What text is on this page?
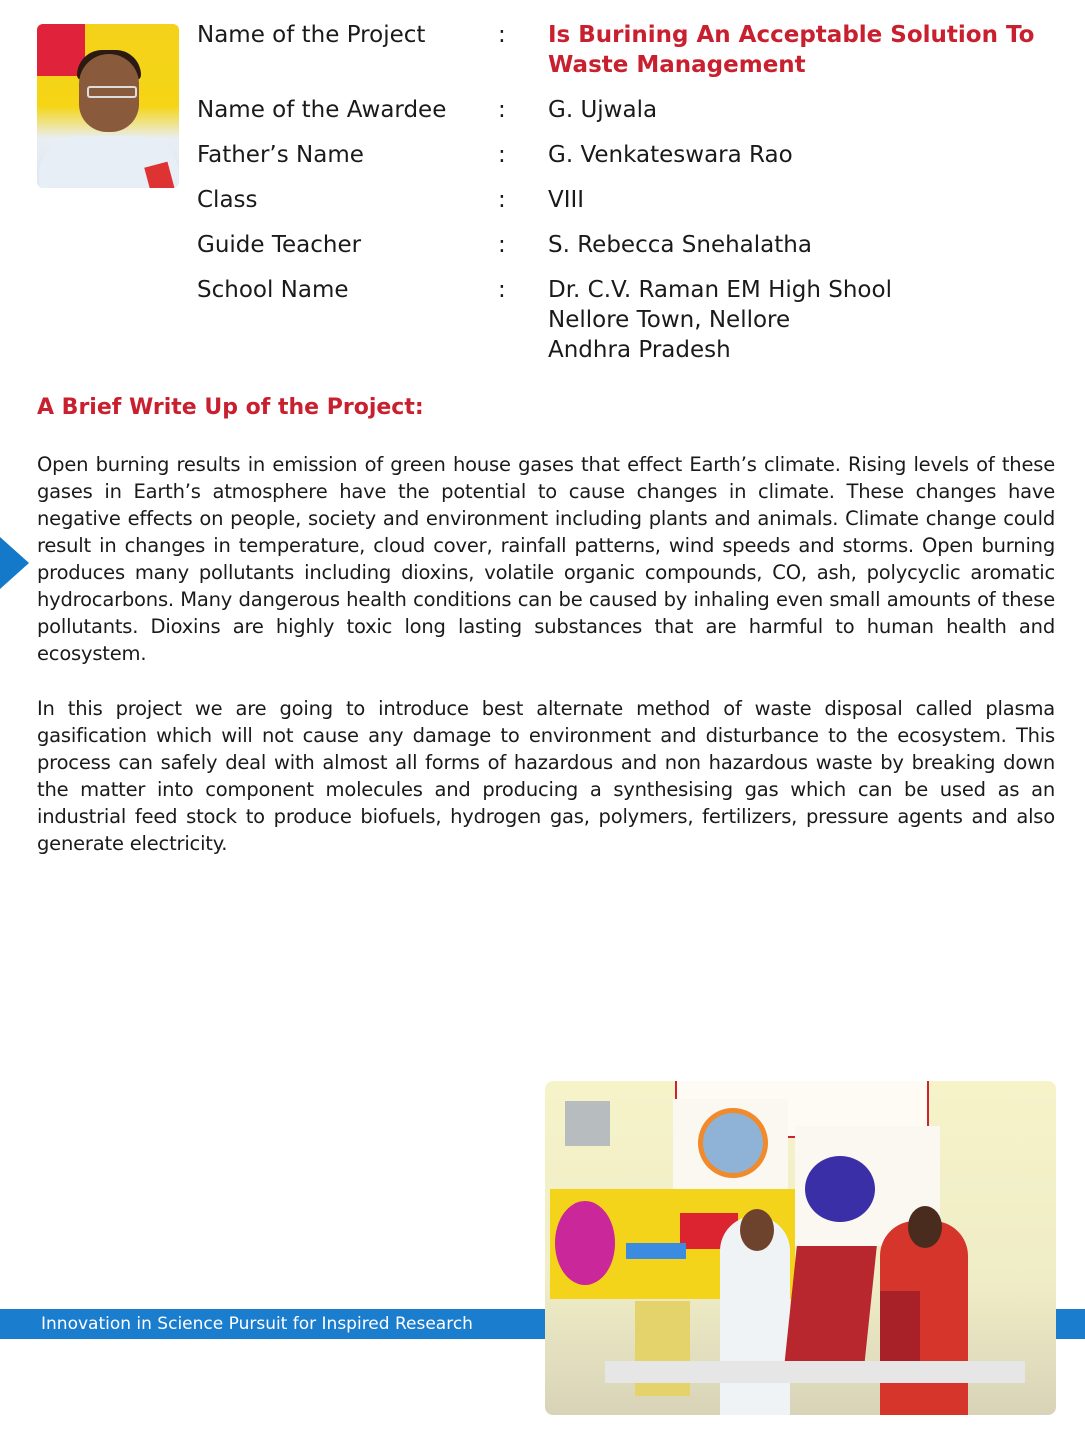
Name of the Project	: Is Burining An Acceptable Solution To
Waste Management
Name of the Awardee	: G. Ujwala
Father’s Name	: G. Venkateswara Rao
Class	: VIII
Guide Teacher	: S. Rebecca Snehalatha
School Name	: Dr. C.V. Raman EM High Shool
Nellore Town, Nellore
Andhra Pradesh
A Brief Write Up of the Project:

Open burning results in emission of green house gases that effect Earth’s climate. Rising levels of these gases in Earth’s atmosphere have the potential to cause changes in climate. These changes have negative effects on people, society and environment including plants and animals. Climate change could result in changes in temperature, cloud cover, rainfall patterns, wind speeds and storms. Open burning produces many pollutants including dioxins, volatile organic compounds, CO, ash, polycyclic aromatic hydrocarbons. Many dangerous health conditions can be caused by inhaling even small amounts of these pollutants. Dioxins are highly toxic long lasting substances that are harmful to human health and ecosystem.

In this project we are going to introduce best alternate method of waste disposal called plasma gasification which will not cause any damage to environment and disturbance to the ecosystem. This process can safely deal with almost all forms of hazardous and non hazardous waste by breaking down the matter into component molecules and producing a synthesising gas which can be used as an industrial feed stock to produce biofuels, hydrogen gas, polymers, fertilizers, pressure agents and also generate electricity.

Innovation in Science Pursuit for Inspired Research
